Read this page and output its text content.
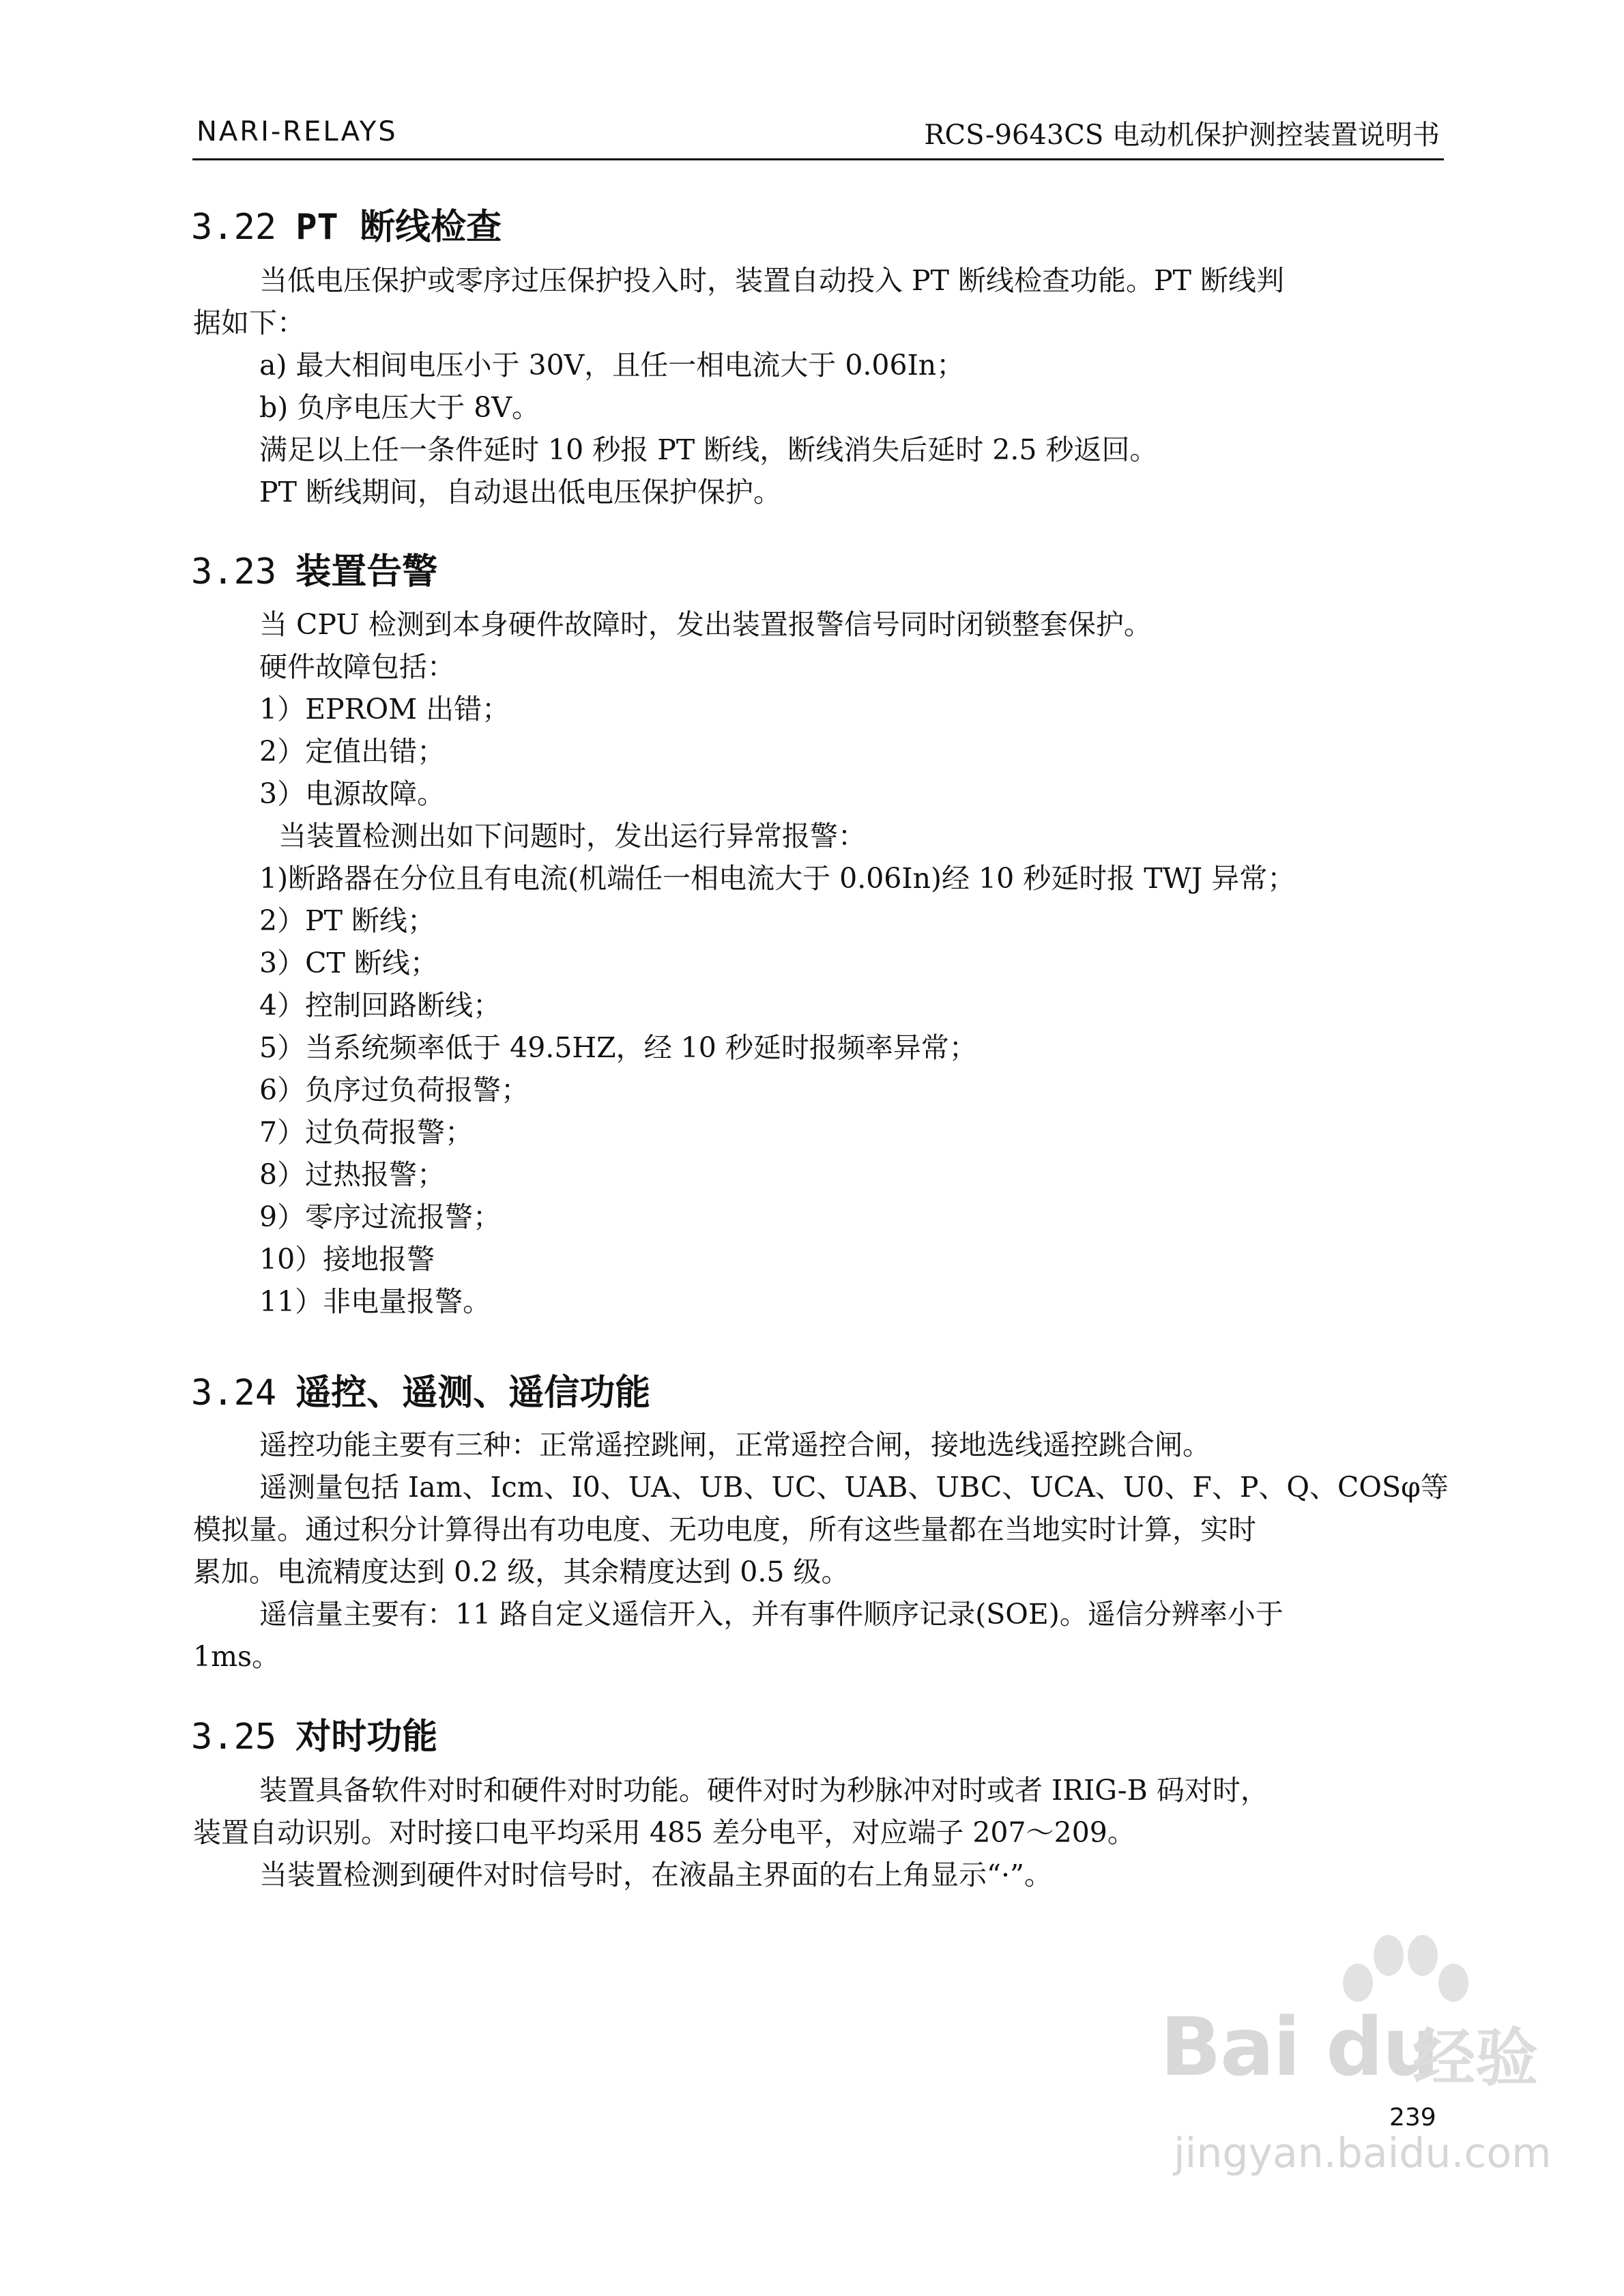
NARI-RELAYS	RCS-9643CS 电动机保护测控装置说明书
3.22 PT 断线检查
当低电压保护或零序过压保护投入时，装置自动投入 PT 断线检查功能。PT 断线判
据如下：
a) 最大相间电压小于 30V，且任一相电流大于 0.06In；
b) 负序电压大于 8V。
满足以上任一条件延时 10 秒报 PT 断线，断线消失后延时 2.5 秒返回。
PT 断线期间，自动退出低电压保护保护。
3.23 装置告警
当 CPU 检测到本身硬件故障时，发出装置报警信号同时闭锁整套保护。
硬件故障包括：
1）EPROM 出错；
2）定值出错；
3）电源故障。
当装置检测出如下问题时，发出运行异常报警：
1)断路器在分位且有电流(机端任一相电流大于 0.06In)经 10 秒延时报 TWJ 异常；
2）PT 断线；
3）CT 断线；
4）控制回路断线；
5）当系统频率低于 49.5HZ，经 10 秒延时报频率异常；
6）负序过负荷报警；
7）过负荷报警；
8）过热报警；
9）零序过流报警；
10）接地报警
11）非电量报警。
3.24 遥控、遥测、遥信功能
遥控功能主要有三种：正常遥控跳闸，正常遥控合闸，接地选线遥控跳合闸。
遥测量包括 Iam、Icm、I0、UA、UB、UC、UAB、UBC、UCA、U0、F、P、Q、COSφ等
模拟量。通过积分计算得出有功电度、无功电度，所有这些量都在当地实时计算，实时
累加。电流精度达到 0.2 级，其余精度达到 0.5 级。
遥信量主要有：11 路自定义遥信开入，并有事件顺序记录(SOE)。遥信分辨率小于
1ms。
3.25 对时功能
装置具备软件对时和硬件对时功能。硬件对时为秒脉冲对时或者 IRIG-B 码对时，
装置自动识别。对时接口电平均采用 485 差分电平，对应端子 207～209。
当装置检测到硬件对时信号时，在液晶主界面的右上角显示“·”。
Bai du
经验
jingyan.baidu.com
239
